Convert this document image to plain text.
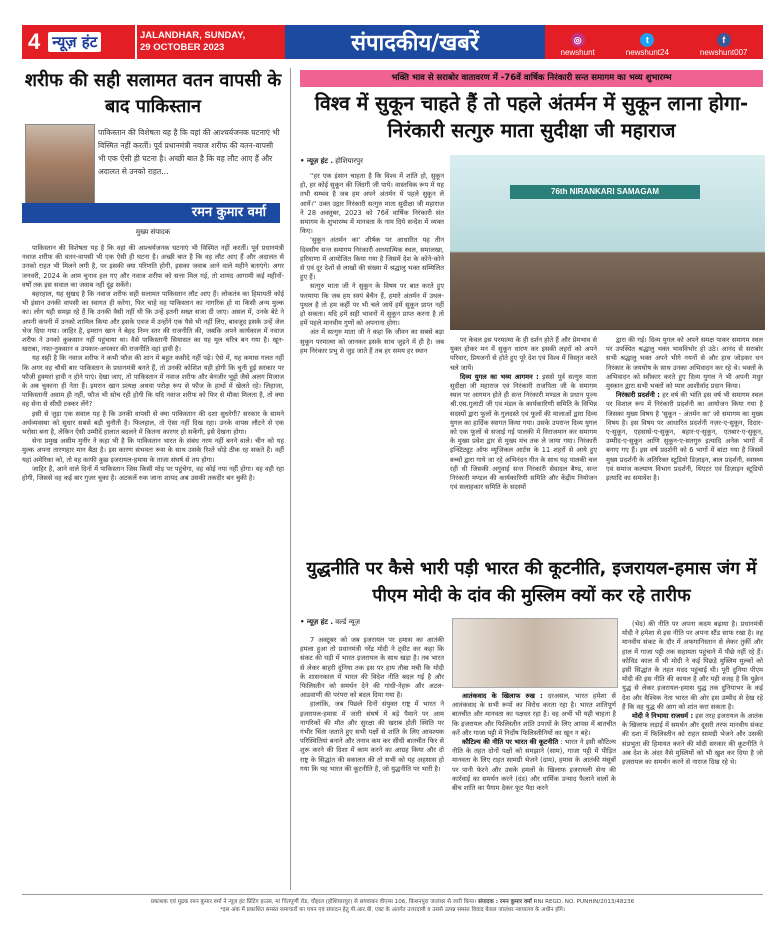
4 न्यूज़ हंट	JALANDHAR, SUNDAY,
29 OCTOBER 2023	संपादकीय/खबरें	◎
newshunt
t
newshunt24
f
newshunt007
शरीफ की सही सलामत वतन वापसी के बाद पाकिस्तान
पाकिस्तान की विशेषता यह है कि वहां की आश्चर्यजनक घटनाएं भी विस्मित नहीं करतीं। पूर्व प्रधानमंत्री नवाज शरीफ की वतन-वापसी भी एक ऐसी ही घटना है। अच्छी बात है कि वह लौट आए हैं और अदालत से उनको राहत...
रमन कुमार वर्मा
मुख्य संपादक

पाकिस्तान की विशेषता यह है कि वहां की आश्चर्यजनक घटनाएं भी विस्मित नहीं करतीं। पूर्व प्रधानमंत्री नवाज शरीफ की वतन-वापसी भी एक ऐसी ही घटना है। अच्छी बात है कि वह लौट आए हैं और अदालत से उनको राहत भी मिलने लगी है, पर इसकी क्या परिणति होगी, इसका जवाब आने वाले महीने बताएंगे। अगर जनवरी, 2024 के आम चुनाव हल गए और नवाज शरीफ को सत्ता मिल गई, तो शायद आगामी कई महीनों-वर्षों तक इस सवाल का जवाब नहीं दूंढ़ सकेंगे।

बहरहाल, यह सुखद है कि नवाज शरीफ सही सलामत पाकिस्तान लौट आए हैं। लोकतंत्र का हिमायती कोई भी इंसान उनकी वापसी का स्वागत ही करेगा, फिर चाहे वह पाकिस्तान का नागरिक हो या किसी अन्य मुल्क का। लोग यही समझ रहे हैं कि उनकी वैसी नहीं थी कि उन्हें इतनी सख्त सजा दी जाए। असल में, उनके बेटे ने अपनी कंपनी में उनको शामिल किया और इसके एवज में उन्होंने एक पैसे भी नहीं लिए, बावजूद इसके उन्हें जेल भेज दिया गया। जाहिर है, इमरान खान ने बेहद निम्न स्तर की राजनीति की, जबकि अपने कार्यकाल में नवाज शरीफ ने उनको कुकसान नहीं पहुंचाया था। वैसे पाकिस्तानी सियासत का यह मूल चरित्र बन गया है। खून-खराबा, नफा-नुकसान व उपकार-अपकार की राजनीति वहां हावी है।

यह सही है कि नवाज शरीफ ने कभी फौज की शान में बहुत कसीदे नहीं पढ़े। ऐसे में, यह कयास गलत नहीं कि अगर वह चौथी बार पाकिस्तान के प्रधानमंत्री बनते हैं, तो उनकी कोशिश यही होगी कि चुनी हुई सरकार पर फौजी हुक्मरां हावी न होने पाएं। देखा जाए, तो पाकिस्तान में नवाज शरीफ और बेनजीर भुट्टो जैसे अलग मिजाज के अब चुकाना ही नेता हैं। इमरान खान प्रत्यक्ष अथवा परोक्ष रूप से फौज के हाथों में खेलते रहे। लिहाजा, पाकिस्तानी अवाम ही नहीं, फौज भी सोच रही होगी कि यदि नवाज शरीफ को फिर से मौका मिलता है, तो क्या वह सेना से सीधी टक्कर लेंगे?

इसी से जुड़ा एक सवाल यह है कि उनकी वापसी से क्या पाकिस्तान की दशा सुधरेगी? सरकार के सामने अर्थव्यवस्था को सुधार सबसे बड़ी चुनौती है। फिलहाल, तो ऐसा नहीं दिख रहा। उनके वापस लौटने से एक भरोसा बना है, लेकिन ऐसी उम्मीदें हालात बदलने में कितना कारगर हो सकेंगी, इसे देखना होगा।

सेना प्रमुख असीम मुनीर ने कहा भी है कि पाकिस्तान भारत के संबंध नरम नहीं बनने वाले। चीन को यह मुल्क अपना तारणहार मान बैठा है। इस कारण संभवतः रूस के साथ उसके रिश्ते थोड़े ठीक रह सकते हैं। वहीं यहां अमेरिका को, तो वह काफी कुछ इजरायल-हमास के ताजा संघर्ष से तय होगा।

जाहिर है, आने वाले दिनों में पाकिस्तान जिस किसी मोड़ पर पहुंचेगा, वह कोई नया नहीं होगा। वह वही रहा होगी, जिससे वह कई बार गुजर चुका है। अटकलें रुक जाना शायद अब उसकी तकदीर बन चुकी है।

भक्ति भाव से सराबोर वातावरण में -76वें वार्षिक निरंकारी सन्त समागम का भव्य शुभारम्भ
विश्व में सुकून चाहते हैं तो पहले अंतर्मन में सुकून लाना होगा- निरंकारी सत्गुरु माता सुदीक्षा जी महाराज
• न्यूज़ हंट . होशियारपुर

''हर एक इंसान चाहता है कि विश्व में शांति हो, सुकून हो, हर कोई सुकून की जिंदगी जी पाये। वास्तविक रूप में यह तभी सम्भव है जब हम अपने अंतर्मन में पहले सुकून ले आयें।'' उक्त उद्गार निरंकारी सत्गुरु माता सुदीक्षा जी महाराज ने 28 अक्तूबर, 2023 को 76वें वार्षिक निरंकारी संत समागम के शुभारम्भ में मानवता के नाम दिये सन्देश में व्यक्त किए।

'सुकून अंतर्मन का' शीर्षक पर आधारित यह तीन दिवसीय सन्त समागम निरंकारी आध्यात्मिक स्थल, समालखा, हरियाणा में आयोजित किया गया है जिसमें देश के कोने-कोने से एवं दूर देशों से लाखों की संख्या में श्रद्धालु भक्त सम्मिलित हुए हैं।

सत्गुरु माता जी ने सुकून के विषय पर बात करते हुए फरमाया कि जब हम स्वयं बेचैन हैं, हमारे अंतर्मन में उथल-पुथल है तो हम कहीं पर भी चले जायें हमें सुकून प्राप्त नहीं हो सकता। यदि हमें सही भावनों में सुकून प्राप्त करना है तो हमें पहले मानवीय गुणों को अपनाना होगा।

अंत में सत्गुरु माता जी ने कहा कि जीवन का सबसे बड़ा सुकून परमात्मा को जानकर इसके साथ जुड़ने में ही है। जब हम निरंकार प्रभु से जुड़ जाते हैं तब हर समय हर स्थान

76th NIRANKARI SAMAGAM

पर केवल इस परमात्मा के ही दर्शन होते हैं और प्रेमभाव से युक्त होकर मन में सुकून धारण कर इसकी लहरों को अपने परिवार, प्रियजनों से होते हुए पूरे देश एवं विश्व में विस्तृत करते चले जायें।

दिव्य युगल का भव्य आगमन : इससे पूर्व सत्गुरु माता सुदीक्षा जी महाराज एवं निरंकारी राजपिता जी के समागम स्थल पर आगमन होते ही सन्त निरंकारी मण्डल के प्रधान पूज्य श्री.एस.गुलाटी जी एवं मंडल के कार्यकारिणी समिति के विभिन्न सदस्यों द्वारा फूलों के गुलदस्ते एवं फूलों की मालाओं द्वारा दिव्य युगल का हार्दिक स्वागत किया गया। उसके उपरान्त दिव्य युगल को एक फूलों से सजाई गई पालकी में विराजमान कर समागम के मुख्य प्रवेश द्वार से मुख्य मंच तक ले जाया गया। निरंकारी इन्स्टिट्यूट ऑफ म्यूजिकल आर्टस के 11 शहरों से आये हुए बच्चों द्वारा गाये जा रहे अभिनंदन गीत के साथ यह पालकी चल रही थी जिसकी अगुवाई सन्त निरंकारी सेवादल बैण्ड, सन्त निरंकारी मण्डल की कार्यकारिणी समिति और केंद्रीय नियोजन एवं सलाहकार समिति के सदस्यों

द्वारा की गई। दिव्य युगल को अपने समक्ष पाकर समागम स्थल पर उपस्थित श्रद्धालु भक्त भावविभोर हो उठे। आनंद से सराबोर सभी श्रद्धालु भक्त अपने भीगे नयनों से और हाथ जोड़कर धन निरंकार के जयघोष के साथ उनका अभिवादन कर रहे थे। भक्तों के अभिवादन को स्वीकार करते हुए दिव्य युगल ने भी अपनी मधुर मुस्कान द्वारा सभी भक्तों को प्यार आशीर्वाद प्रदान किया।

निरंकारी प्रदर्शनी : हर वर्ष की भांति इस वर्ष भी समागम स्थल पर विशाल रूप में निरंकारी प्रदर्शनी का आयोजन किया गया है जिसका मुख्य विषय है 'सुकून - अंतर्मन का' जो समागम का मुख्य विषय है। इस विषय पर आधारित प्रदर्शनी नज़र-ए-सुकून, दिदार-ए-सुकून, एहसासे-ए-सुकून, बहार-ए-सुकून, एतबार-ए-सुकून, उम्मीद-ए-सुकून आणि सुकून-ए-सतगुरु इत्यादि अनेक भागों में बनाए गए हैं। इस वर्ष प्रदर्शनी को 6 भागों में बांटा गया है जिसमें मुख्य प्रदर्शनी के अतिरिक्त स्टूडियो डिज़ाइन, बाल प्रदर्शनी, स्वास्थ्य एवं समाज कल्याण विभाग प्रदर्शनी, थिएटर एवं डिज़ाइन स्टूडियो इत्यादि का समावेश है।

युद्धनीति पर कैसे भारी पड़ी भारत की कूटनीति, इजरायल-हमास जंग में पीएम मोदी के दांव की मुस्लिम क्यों कर रहे तारीफ
• न्यूज़ हंट . वर्ल्ड न्यूज़

7 अक्टूबर को जब इजरायल पर हमास का आतंकी हमला हुआ तो प्रधानमंत्री नरेंद्र मोदी ने ट्वीट कर कहा कि संकट की घड़ी में भारत इजरायल के साथ खड़ा है। तब भारत से लेकर बाहरी दुनिया तक इस पर हाय तौबा मची कि मोदी के शासनकाल में भारत की विदेश नीति बदल गई है और फिलिस्तीन को समर्थन देने की गांधी-नेहरू और अटल-आडवाणी की परंपरा को बदल दिया गया है।

हालांकि, जब पिछले दिनों संयुक्त राष्ट्र में भारत ने इजरायल-हमास में जारी संघर्ष में बड़े पैमाने पर आम नागरिकों की मौत और सुरक्षा की खराब होती स्थिति पर गंभीर चिंता जताते हुए सभी पक्षों से शांति के लिए आवश्यक परिस्थितियां बनाने और तनाव कम कर सीधी बातचीत फिर से शुरू करने की दिशा में काम करने का आग्रह किया और दो राष्ट्र के सिद्धांत की वकालत की तो सभी को यह अहसास हो गया कि यह भारत की कूटनीति है, जो युद्धनीति पर भारी है।

आतंकवाद के खिलाफ रुख : दरअसल, भारत हमेशा से आतंकवाद के सभी रूपों का विरोध करता रहा है। भारत शांतिपूर्ण बातचीत और मानवता का पक्षधर रहा है। वह अभी भी यही चाहता है कि इजरायल और फिलिस्तीन शांति उपायों के लिए आपस में बातचीत करें और गाजा पट्टी में निर्दोष फिलिस्तीनियों का खून न बहे।

कौटिल्य की नीति पर भारत की कूटनीति : भारत ने इसी कौटिल्य नीति के तहत दोनों पक्षों को समझाने (साम), गाजा पट्टी में पीड़ित मानवता के लिए राहत सामग्री भेजने (दाम), हमास के आतंकी मंसूबों पर पानी फेरने और उसके हमलों के खिलाफ इजरायली सेना की कार्रवाई का समर्थन करने (दंड) और धार्मिक उन्माद फैलाने वालों के बीच शांति का पैगाम देकर फूट पैदा करने

(भेद) की नीति पर अपना कदम बढ़ाया है। प्रधानमंत्री मोदी ने हमेशा से इस नीति पर अपना स्टैंड साफ रखा है। वह मानवीय संकट के दौर में अफगानिस्तान से लेकर तुर्की और हाल में गाजा पट्टी तक सहायता पहुंचाने में पीछे नहीं रहे हैं। कोविड काल में भी मोदी ने कई पिछड़े मुस्लिम मुल्कों को इसी सिद्धांत के तहत मदद पहुंचाई थी। पूरी दुनिया पीएम मोदी की इस नीति की कायल है और यही वजह है कि यूक्रेन युद्ध से लेकर इजरायल-हमास युद्ध तक दुनियाभर के कई देश और वैश्विक नेता भारत की ओर इस उम्मीद से देख रहे हैं कि वह युद्ध की आग को शांत करा सकता है।

मोदी ने निभाया राजधर्म : इस तरह इजरायल के आतंक के खिलाफ लड़ाई में समर्थन और दूसरी तरफ मानवीय संकट की दशा में फिलिस्तीन को राहत सामग्री भेजने और उसकी संप्रभुता की हिमायत करने की मोदी सरकार की कूटनीति ने अब देश के अंदर वैसे मुस्लिमों को भी खुश कर दिया है जो इजरायल का समर्थन करने से नाराज दिख रहे थे।

प्रकाशक एवं मुद्रक रमन कुमार वर्मा ने न्यूज़ हंट प्रिंटिंग हाउस, मां चिंतपूर्णी रोड, चौहाल (होशियारपुर) से छपवाकर वीएम्स 106, किशनपुरा जालंधर से जारी किया। संपादक : रमन कुमार वर्मा RNI REGD. NO. PUNHIN/2013/48236
*इस अंक में प्रकाशित समस्त समाचारों का चयन एवं संपादन हेतु पी.आर.बी. एक्ट के अंतर्गत उत्तरदायी व उससे उत्पन्न समस्त विवाद केवल जालंधर न्यायालय के अधीन होंगे।
